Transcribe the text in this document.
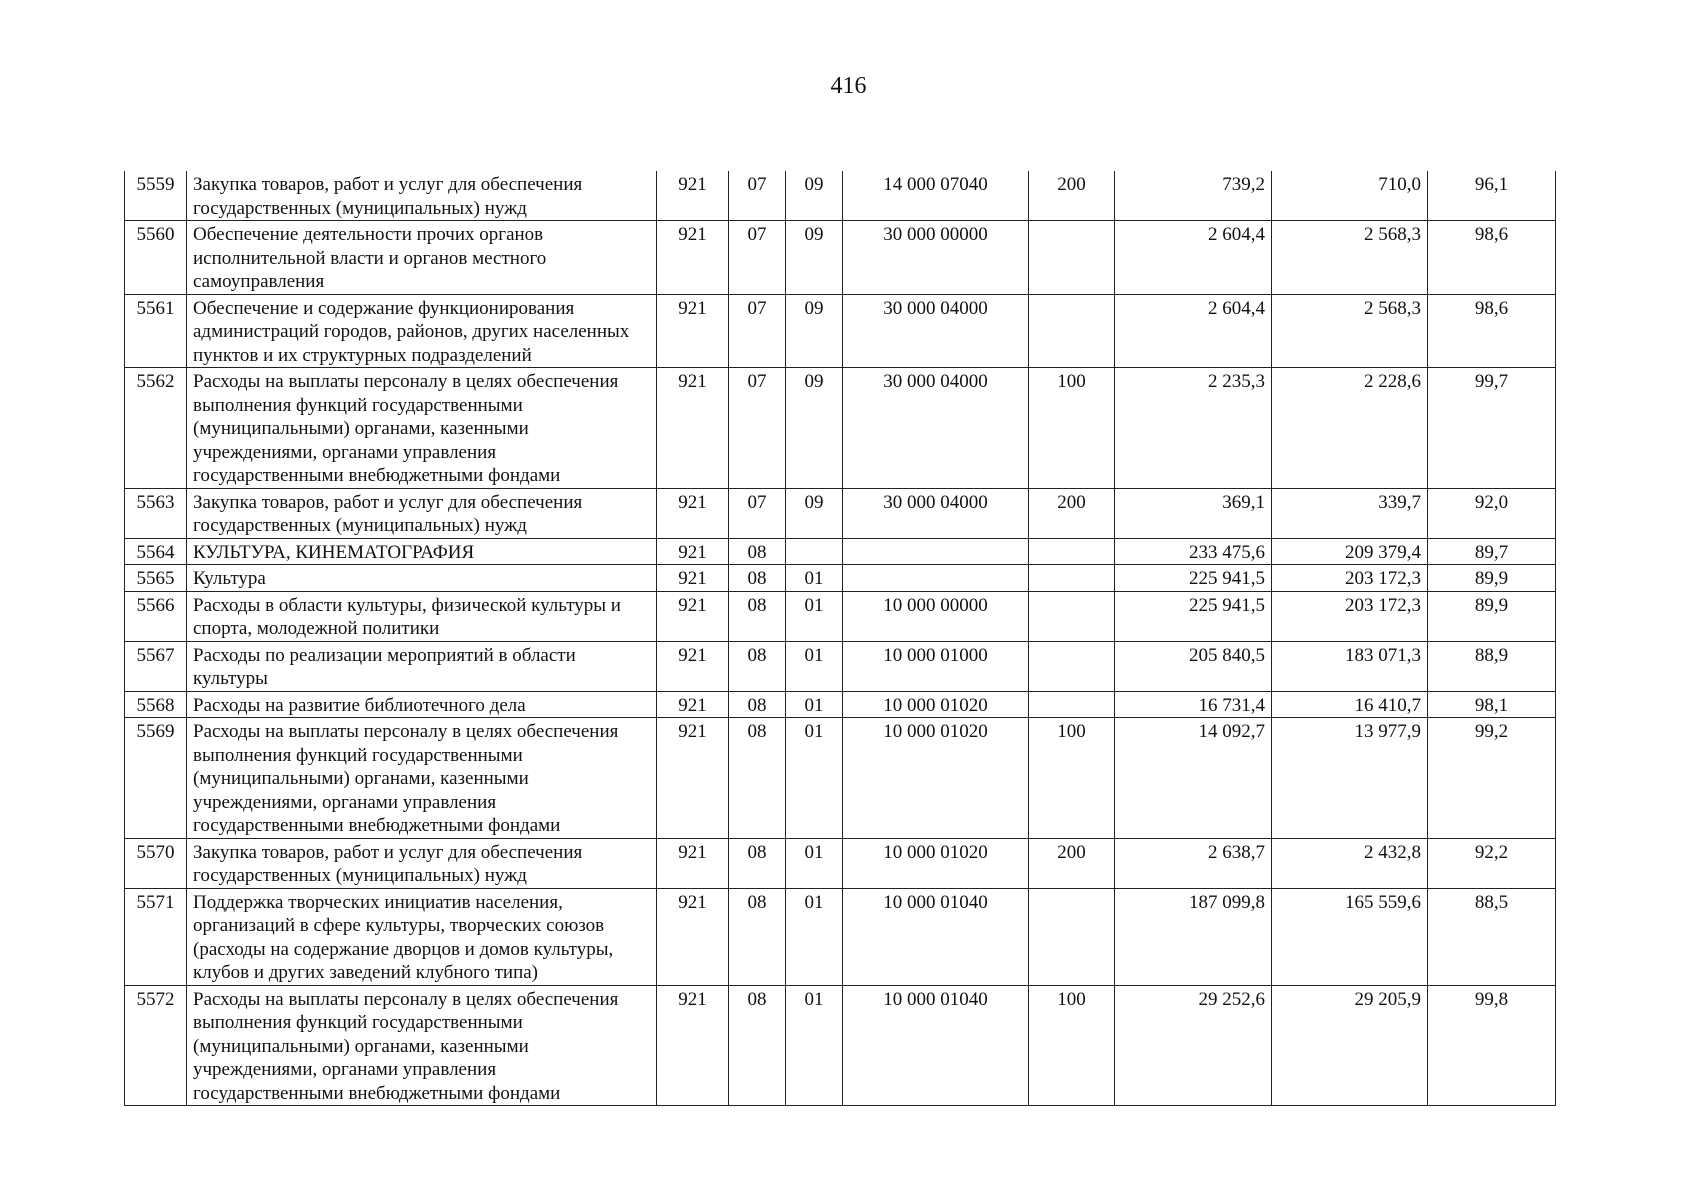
416
5559	Закупка товаров, работ и услуг для обеспечения государственных (муниципальных) нужд	921	07	09	14 000 07040	200	739,2	710,0	96,1
5560	Обеспечение деятельности прочих органов исполнительной власти и органов местного самоуправления	921	07	09	30 000 00000		2 604,4	2 568,3	98,6
5561	Обеспечение и содержание функционирования администраций городов, районов, других населенных пунктов и их структурных подразделений	921	07	09	30 000 04000		2 604,4	2 568,3	98,6
5562	Расходы на выплаты персоналу в целях обеспечения выполнения функций государственными (муниципальными) органами, казенными учреждениями, органами управления государственными внебюджетными фондами	921	07	09	30 000 04000	100	2 235,3	2 228,6	99,7
5563	Закупка товаров, работ и услуг для обеспечения государственных (муниципальных) нужд	921	07	09	30 000 04000	200	369,1	339,7	92,0
5564	КУЛЬТУРА, КИНЕМАТОГРАФИЯ	921	08				233 475,6	209 379,4	89,7
5565	Культура	921	08	01			225 941,5	203 172,3	89,9
5566	Расходы в области культуры, физической культуры и спорта, молодежной политики	921	08	01	10 000 00000		225 941,5	203 172,3	89,9
5567	Расходы по реализации мероприятий в области культуры	921	08	01	10 000 01000		205 840,5	183 071,3	88,9
5568	Расходы на развитие библиотечного дела	921	08	01	10 000 01020		16 731,4	16 410,7	98,1
5569	Расходы на выплаты персоналу в целях обеспечения выполнения функций государственными (муниципальными) органами, казенными учреждениями, органами управления государственными внебюджетными фондами	921	08	01	10 000 01020	100	14 092,7	13 977,9	99,2
5570	Закупка товаров, работ и услуг для обеспечения государственных (муниципальных) нужд	921	08	01	10 000 01020	200	2 638,7	2 432,8	92,2
5571	Поддержка творческих инициатив населения, организаций в сфере культуры, творческих союзов (расходы на содержание дворцов и домов культуры, клубов и других заведений клубного типа)	921	08	01	10 000 01040		187 099,8	165 559,6	88,5
5572	Расходы на выплаты персоналу в целях обеспечения выполнения функций государственными (муниципальными) органами, казенными учреждениями, органами управления государственными внебюджетными фондами	921	08	01	10 000 01040	100	29 252,6	29 205,9	99,8
